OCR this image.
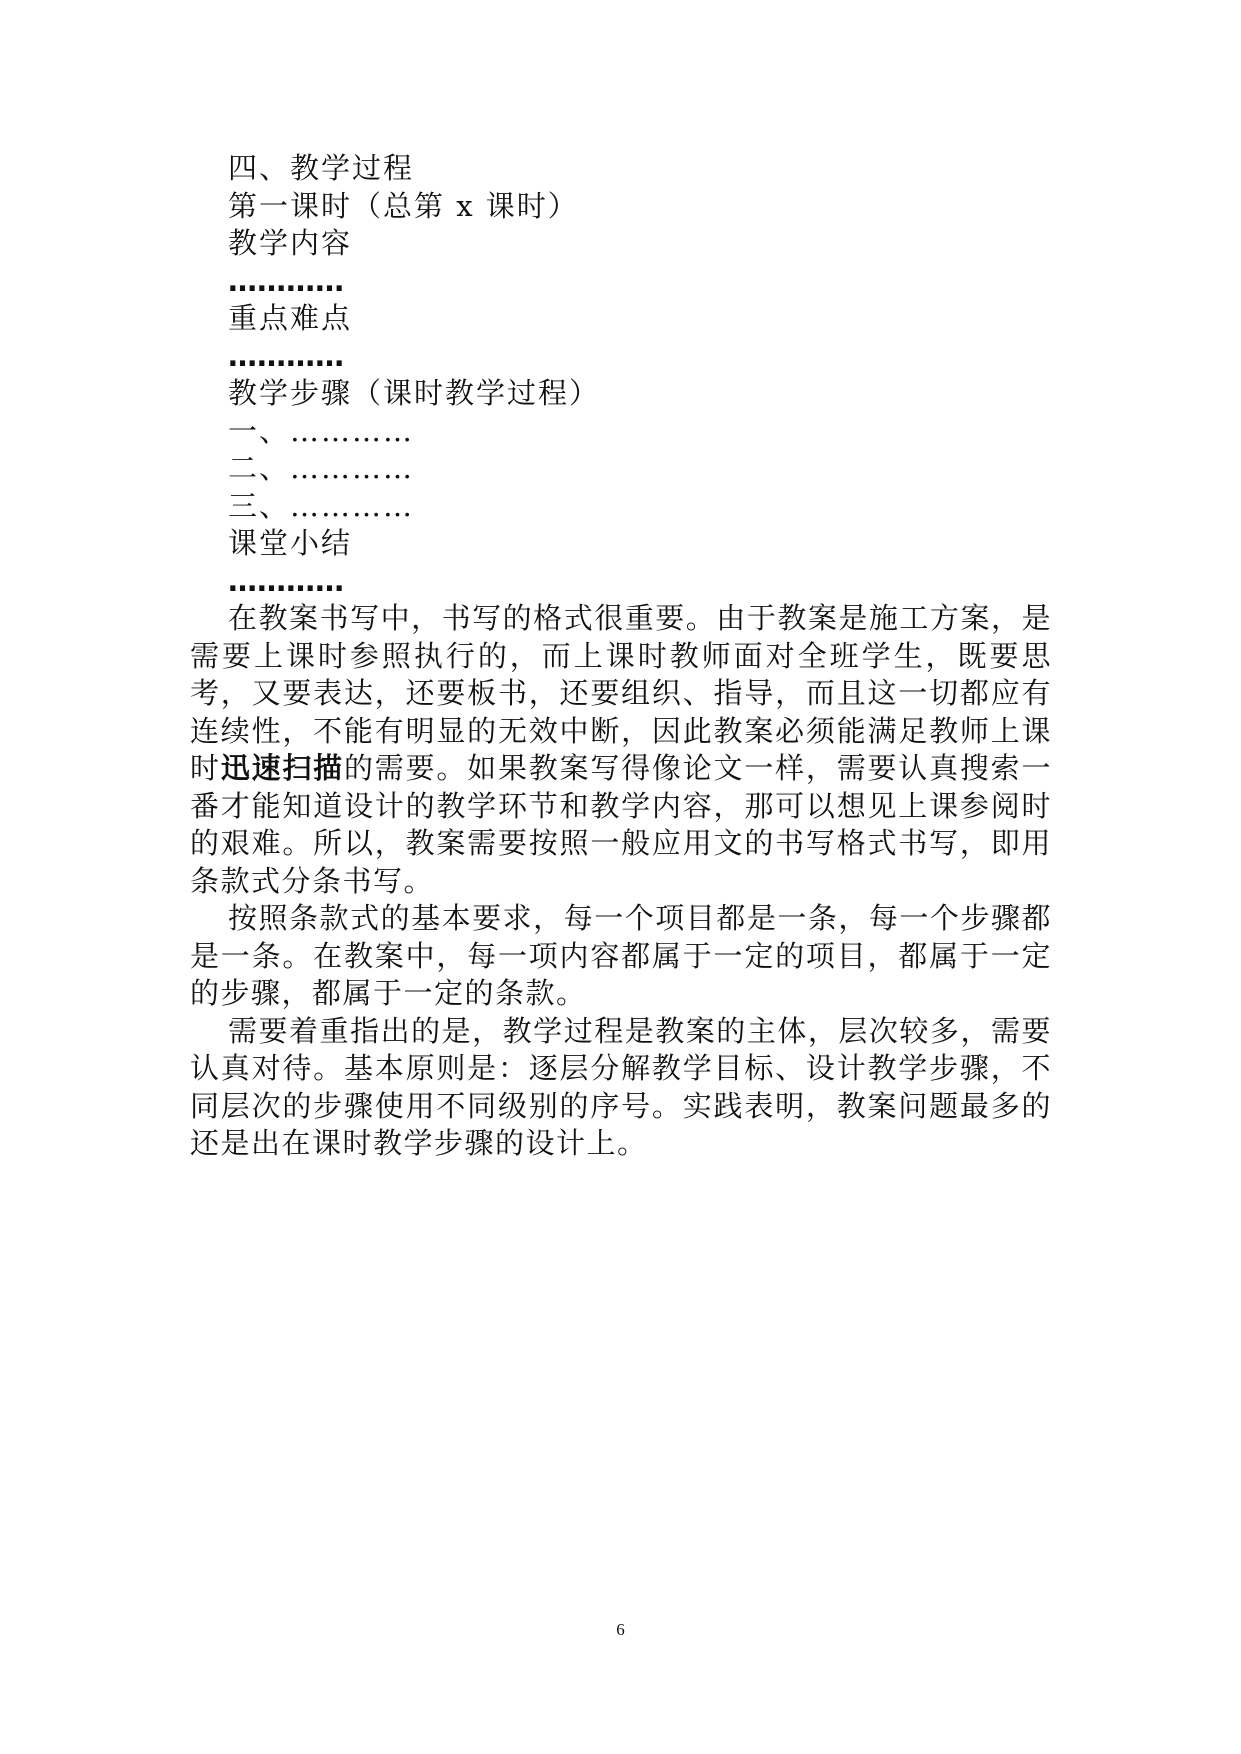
四、教学过程
第一课时（总第 x 课时）
教学内容
…………
重点难点
…………
教学步骤（课时教学过程）
一、…………
二、…………
三、…………
课堂小结
…………

在教案书写中，书写的格式很重要。由于教案是施工方案，是需要上课时参照执行的，而上课时教师面对全班学生，既要思考，又要表达，还要板书，还要组织、指导，而且这一切都应有连续性，不能有明显的无效中断，因此教案必须能满足教师上课时迅速扫描的需要。如果教案写得像论文一样，需要认真搜索一番才能知道设计的教学环节和教学内容，那可以想见上课参阅时的艰难。所以，教案需要按照一般应用文的书写格式书写，即用条款式分条书写。

按照条款式的基本要求，每一个项目都是一条，每一个步骤都是一条。在教案中，每一项内容都属于一定的项目，都属于一定的步骤，都属于一定的条款。

需要着重指出的是，教学过程是教案的主体，层次较多，需要认真对待。基本原则是：逐层分解教学目标、设计教学步骤，不同层次的步骤使用不同级别的序号。实践表明，教案问题最多的还是出在课时教学步骤的设计上。

6
